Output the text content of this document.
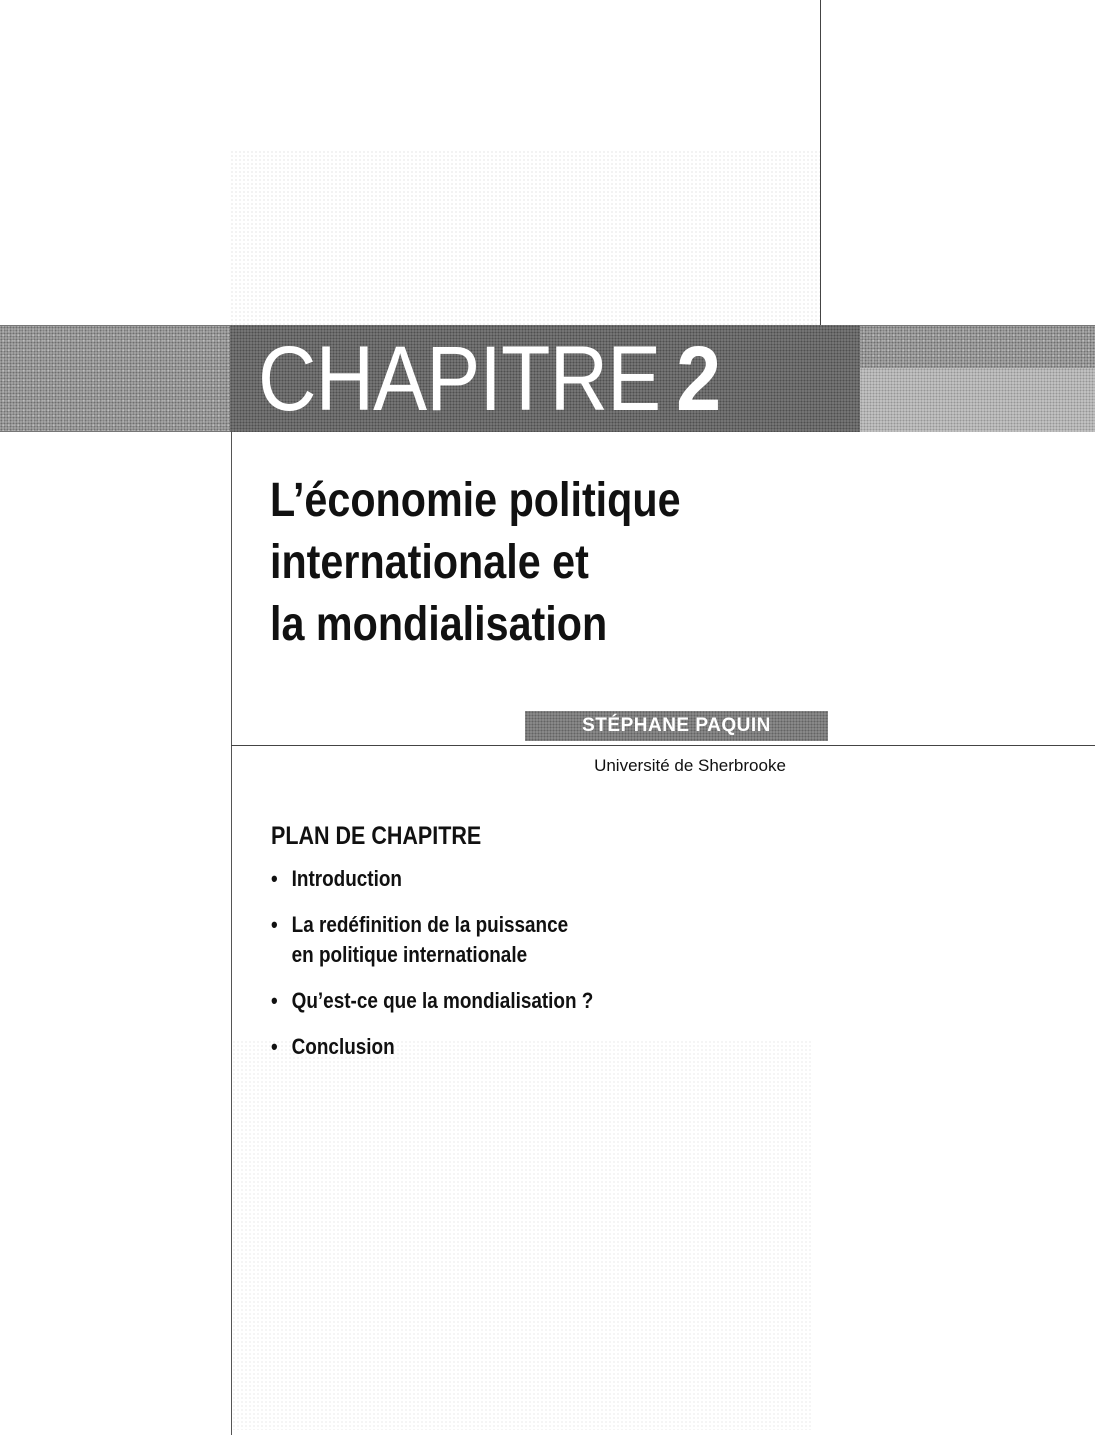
CHAPITRE 2
L’économie politique
internationale et
la mondialisation
STÉPHANE PAQUIN
Université de Sherbrooke
PLAN DE CHAPITRE
• Introduction
• La redéfinition de la puissance
en politique internationale
• Qu’est-ce que la mondialisation ?
• Conclusion
